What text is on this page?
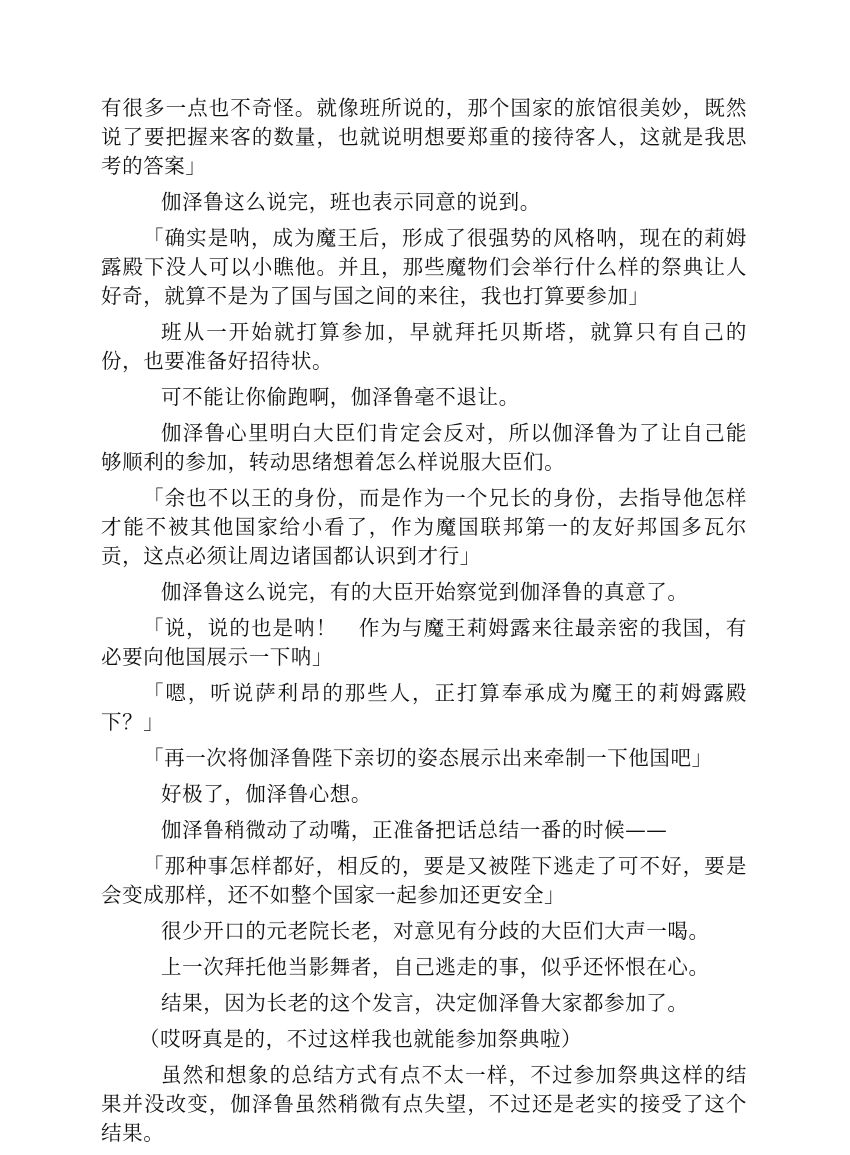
有很多一点也不奇怪。就像班所说的，那个国家的旅馆很美妙，既然说了要把握来客的数量，也就说明想要郑重的接待客人，这就是我思考的答案」

伽泽鲁这么说完，班也表示同意的说到。

「确实是呐，成为魔王后，形成了很强势的风格呐，现在的莉姆露殿下没人可以小瞧他。并且，那些魔物们会举行什么样的祭典让人好奇，就算不是为了国与国之间的来往，我也打算要参加」

班从一开始就打算参加，早就拜托贝斯塔，就算只有自己的份，也要准备好招待状。

可不能让你偷跑啊，伽泽鲁毫不退让。

伽泽鲁心里明白大臣们肯定会反对，所以伽泽鲁为了让自己能够顺利的参加，转动思绪想着怎么样说服大臣们。

「余也不以王的身份，而是作为一个兄长的身份，去指导他怎样才能不被其他国家给小看了，作为魔国联邦第一的友好邦国多瓦尔贡，这点必须让周边诸国都认识到才行」

伽泽鲁这么说完，有的大臣开始察觉到伽泽鲁的真意了。

「说，说的也是呐！　作为与魔王莉姆露来往最亲密的我国，有必要向他国展示一下呐」

「嗯，听说萨利昂的那些人，正打算奉承成为魔王的莉姆露殿下？」

「再一次将伽泽鲁陛下亲切的姿态展示出来牵制一下他国吧」

好极了，伽泽鲁心想。

伽泽鲁稍微动了动嘴，正准备把话总结一番的时候——

「那种事怎样都好，相反的，要是又被陛下逃走了可不好，要是会变成那样，还不如整个国家一起参加还更安全」

很少开口的元老院长老，对意见有分歧的大臣们大声一喝。

上一次拜托他当影舞者，自己逃走的事，似乎还怀恨在心。

结果，因为长老的这个发言，决定伽泽鲁大家都参加了。

（哎呀真是的，不过这样我也就能参加祭典啦）

虽然和想象的总结方式有点不太一样，不过参加祭典这样的结果并没改变，伽泽鲁虽然稍微有点失望，不过还是老实的接受了这个结果。
